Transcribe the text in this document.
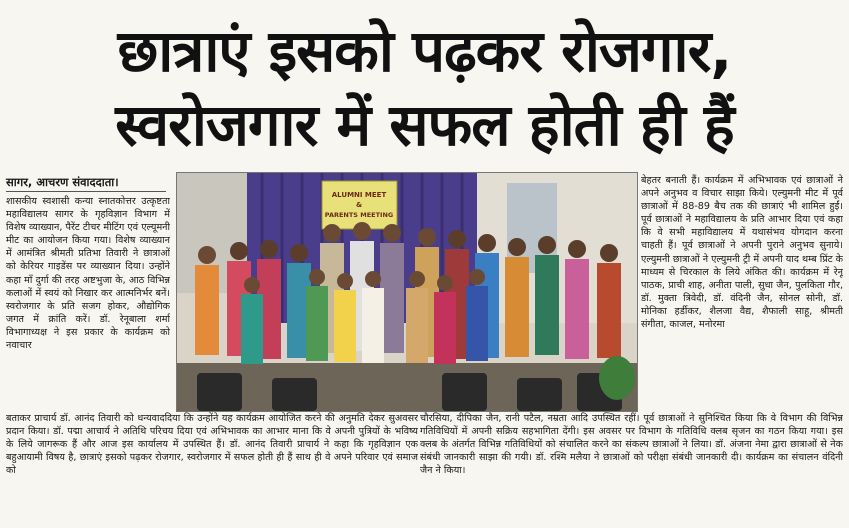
छात्राएं इसको पढ़कर रोजगार,
स्वरोजगार में सफल होती ही हैं
सागर, आचरण संवाददाता।
शासकीय स्वशासी कन्या स्नातकोत्तर उत्कृष्टता महाविद्यालय सागर के गृहविज्ञान विभाग में विशेष व्याख्यान, पैरेंट टीचर मीटिंग एवं एल्यूमनी मीट का आयोजन किया गया। विशेष व्याख्यान में आमंत्रित श्रीमती प्रतिभा तिवारी ने छात्राओं को केरियर गाइडेंस पर व्याख्यान दिया। उन्होंने कहा माँ दुर्गा की तरह अष्टभुजा के, आठ विभिन्न कलाओं में स्वयं को निखार कर आत्मनिर्भर बनें। स्वरोजगार के प्रति सजग होकर, औद्योगिक जगत में क्रांति करें। डॉ. रेनूबाला शर्मा विभागाध्यक्ष ने इस प्रकार के कार्यक्रम को नवाचार
ALUMNI MEET
&
PARENTS MEETING
बेहतर बनाती हैं। कार्यक्रम में अभिभावक एवं छात्राओं ने अपने अनुभव व विचार साझा किये। एल्युमनी मीट में पूर्व छात्राओं में 88-89 बैच तक की छात्राएं भी शामिल हुईं। पूर्व छात्राओं ने महाविद्यालय के प्रति आभार दिया एवं कहा कि वे सभी महाविद्यालय में यथासंभव योगदान करना चाहती हैं। पूर्व छात्राओं ने अपनी पुराने अनुभव सुनाये। एल्युमनी छात्राओं ने एल्युमनी ट्री में अपनी याद थम्ब प्रिंट के माध्यम से चिरकाल के लिये अंकित की। कार्यक्रम में रेनू पाठक, प्राची शाह, अनीता पाली, सुधा जैन, पुलकिता गौर, डॉ. मुक्ता त्रिवेदी, डॉ. वंदिनी जैन, सोनल सोनी, डॉ. मोनिका हर्डीकर, शैलजा वैद्य, शैफाली साहू, श्रीमती संगीता, काजल, मनोरमा
बताकर प्राचार्य डॉ. आनंद तिवारी को धन्यवाददिया कि उन्होंने यह कार्यक्रम आयोजित करने की अनुमति देकर सुअवसर प्रदान किया। डॉ. पद्मा आचार्य ने अतिथि परिचय दिया एवं अभिभावक का आभार माना कि वे अपनी पुत्रियों के भविष्य के लिये जागरूक हैं और आज इस कार्यालय में उपस्थित हैं। डॉ. आनंद तिवारी प्राचार्य ने कहा कि गृहविज्ञान एक बहुआयामी विषय है, छात्राएं इसको पढ़कर रोजगार, स्वरोजगार में सफल होती ही हैं साथ ही वे अपने परिवार एवं समाज को
चौरसिया, दीपिका जैन, रानी पटैल, नम्रता आदि उपस्थित रहीं। पूर्व छात्राओं ने सुनिश्चित किया कि वे विभाग की विभिन्न गतिविधियों में अपनी सक्रिय सहभागिता देंगी। इस अवसर पर विभाग के गतिविधि क्लब सृजन का गठन किया गया। इस क्लब के अंतर्गत विभिन्न गतिविधियों को संचालित करने का संकल्प छात्राओं ने लिया। डॉ. अंजना नेमा द्वारा छात्राओं से नेक संबंधी जानकारी साझा की गयी। डॉ. रश्मि मलैया ने छात्राओं को परीक्षा संबंधी जानकारी दी। कार्यक्रम का संचालन वंदिनी जैन ने किया।
